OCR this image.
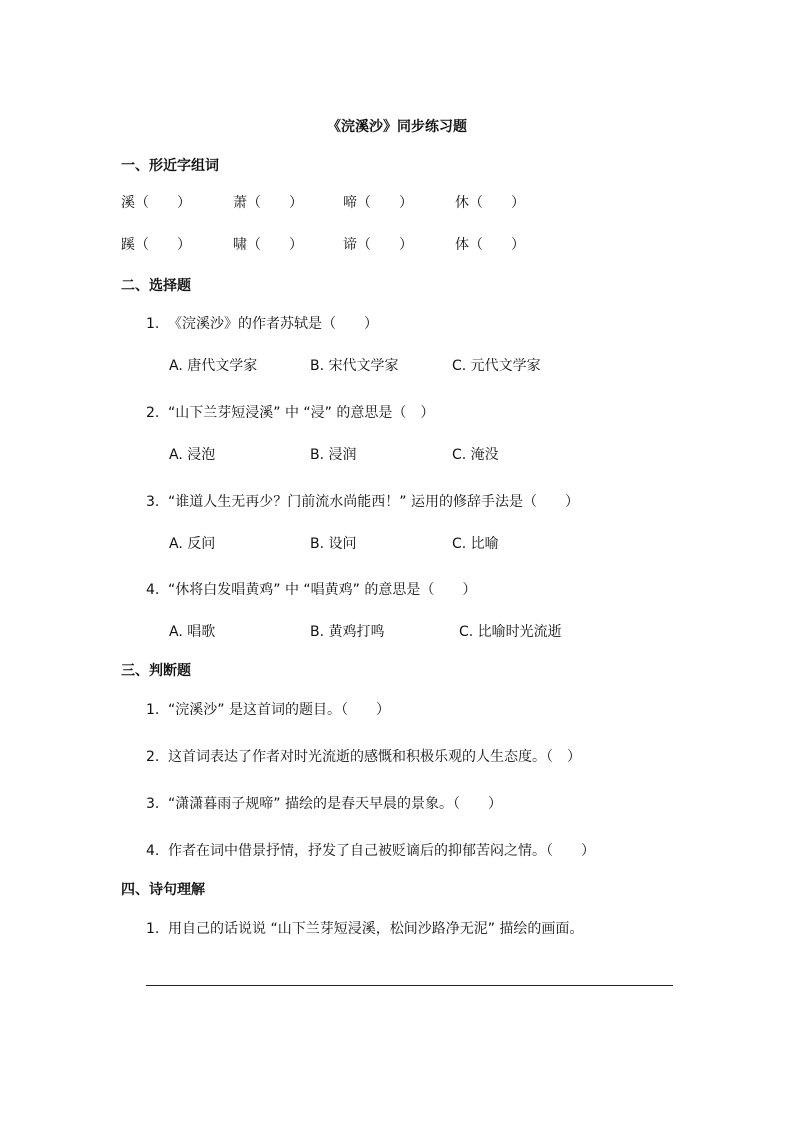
《浣溪沙》同步练习题
一、形近字组词
溪（　　）	萧（　　）	啼（　　）	休（　　）
蹊（　　）	啸（　　）	谛（　　）	体（　　）
二、选择题
1. 《浣溪沙》的作者苏轼是（　　）
A. 唐代文学家	B. 宋代文学家	C. 元代文学家
2. “山下兰芽短浸溪” 中 “浸” 的意思是（　）
A. 浸泡	B. 浸润	C. 淹没
3. “谁道人生无再少？门前流水尚能西！” 运用的修辞手法是（　　）
A. 反问	B. 设问	C. 比喻
4. “休将白发唱黄鸡” 中 “唱黄鸡” 的意思是（　　）
A. 唱歌	B. 黄鸡打鸣	C. 比喻时光流逝
三、判断题
1. “浣溪沙” 是这首词的题目。（　　）
2. 这首词表达了作者对时光流逝的感慨和积极乐观的人生态度。（　）
3. “潇潇暮雨子规啼” 描绘的是春天早晨的景象。（　　）
4. 作者在词中借景抒情，抒发了自己被贬谪后的抑郁苦闷之情。（　　）
四、诗句理解
1. 用自己的话说说 “山下兰芽短浸溪，松间沙路净无泥” 描绘的画面。
